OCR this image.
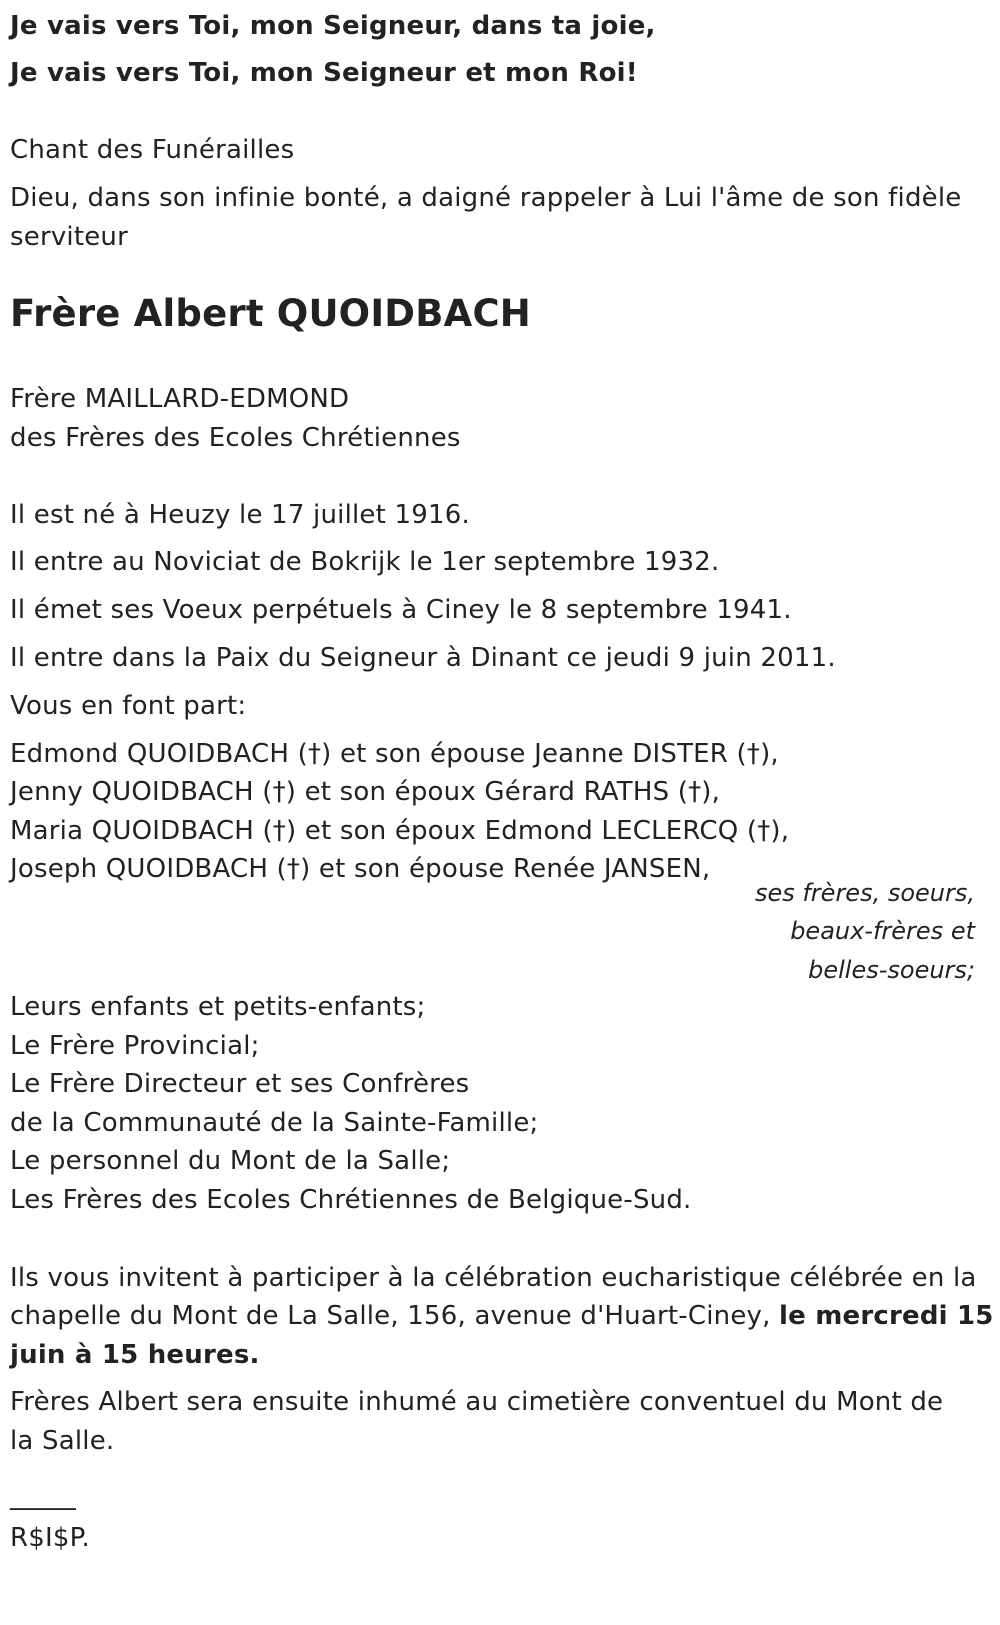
Je vais vers Toi, mon Seigneur, dans ta joie,
Je vais vers Toi, mon Seigneur et mon Roi!
Chant des Funérailles
Dieu, dans son infinie bonté, a daigné rappeler à Lui l'âme de son fidèle
serviteur
Frère Albert QUOIDBACH
Frère MAILLARD-EDMOND
des Frères des Ecoles Chrétiennes
Il est né à Heuzy le 17 juillet 1916.
Il entre au Noviciat de Bokrijk le 1er septembre 1932.
Il émet ses Voeux perpétuels à Ciney le 8 septembre 1941.
Il entre dans la Paix du Seigneur à Dinant ce jeudi 9 juin 2011.
Vous en font part:
Edmond QUOIDBACH (†) et son épouse Jeanne DISTER (†),
Jenny QUOIDBACH (†) et son époux Gérard RATHS (†),
Maria QUOIDBACH (†) et son époux Edmond LECLERCQ (†),
Joseph QUOIDBACH (†) et son épouse Renée JANSEN,
ses frères, soeurs,
beaux-frères et
belles-soeurs;
Leurs enfants et petits-enfants;
Le Frère Provincial;
Le Frère Directeur et ses Confrères
de la Communauté de la Sainte-Famille;
Le personnel du Mont de la Salle;
Les Frères des Ecoles Chrétiennes de Belgique-Sud.
Ils vous invitent à participer à la célébration eucharistique célébrée en la
chapelle du Mont de La Salle, 156, avenue d'Huart-Ciney, le mercredi 15
juin à 15 heures.
Frères Albert sera ensuite inhumé au cimetière conventuel du Mont de
la Salle.
_____
R$I$P.
